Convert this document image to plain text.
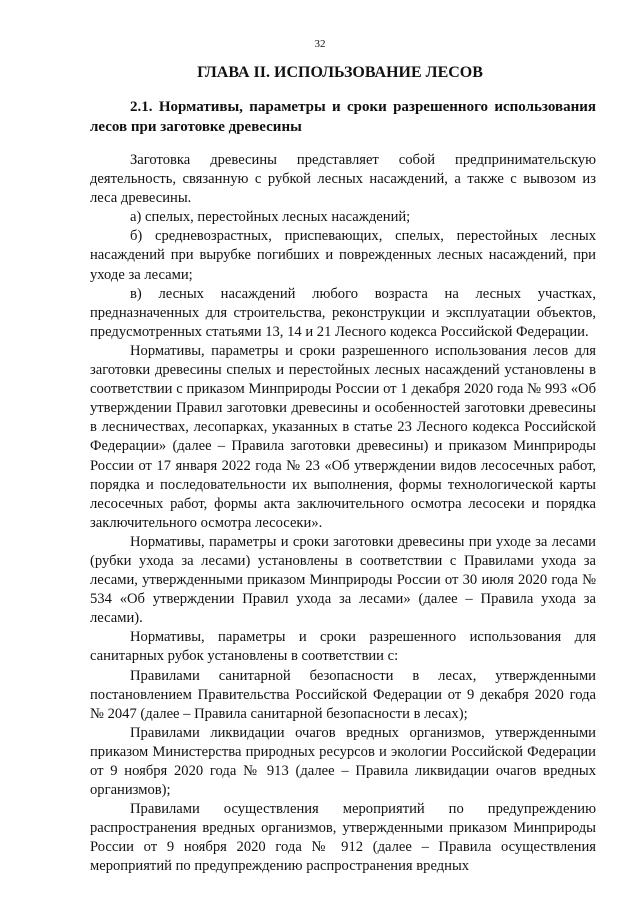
32
ГЛАВА II. ИСПОЛЬЗОВАНИЕ ЛЕСОВ
2.1. Нормативы, параметры и сроки разрешенного использования лесов при заготовке древесины

Заготовка древесины представляет собой предпринимательскую деятельность, связанную с рубкой лесных насаждений, а также с вывозом из леса древесины.

а) спелых, перестойных лесных насаждений;

б) средневозрастных, приспевающих, спелых, перестойных лесных насаждений при вырубке погибших и поврежденных лесных насаждений, при уходе за лесами;

в) лесных насаждений любого возраста на лесных участках, предназначенных для строительства, реконструкции и эксплуатации объектов, предусмотренных статьями 13, 14 и 21 Лесного кодекса Российской Федерации.

Нормативы, параметры и сроки разрешенного использования лесов для заготовки древесины спелых и перестойных лесных насаждений установлены в соответствии с приказом Минприроды России от 1 декабря 2020 года № 993 «Об утверждении Правил заготовки древесины и особенностей заготовки древесины в лесничествах, лесопарках, указанных в статье 23 Лесного кодекса Российской Федерации» (далее – Правила заготовки древесины) и приказом Минприроды России от 17 января 2022 года № 23 «Об утверждении видов лесосечных работ, порядка и последовательности их выполнения, формы технологической карты лесосечных работ, формы акта заключительного осмотра лесосеки и порядка заключительного осмотра лесосеки».

Нормативы, параметры и сроки заготовки древесины при уходе за лесами (рубки ухода за лесами) установлены в соответствии с Правилами ухода за лесами, утвержденными приказом Минприроды России от 30 июля 2020 года № 534 «Об утверждении Правил ухода за лесами» (далее – Правила ухода за лесами).

Нормативы, параметры и сроки разрешенного использования для санитарных рубок установлены в соответствии с:

Правилами санитарной безопасности в лесах, утвержденными постановлением Правительства Российской Федерации от 9 декабря 2020 года № 2047 (далее – Правила санитарной безопасности в лесах);

Правилами ликвидации очагов вредных организмов, утвержденными приказом Министерства природных ресурсов и экологии Российской Федерации от 9 ноября 2020 года № 913 (далее – Правила ликвидации очагов вредных организмов);

Правилами осуществления мероприятий по предупреждению распространения вредных организмов, утвержденными приказом Минприроды России от 9 ноября 2020 года № 912 (далее – Правила осуществления мероприятий по предупреждению распространения вредных
